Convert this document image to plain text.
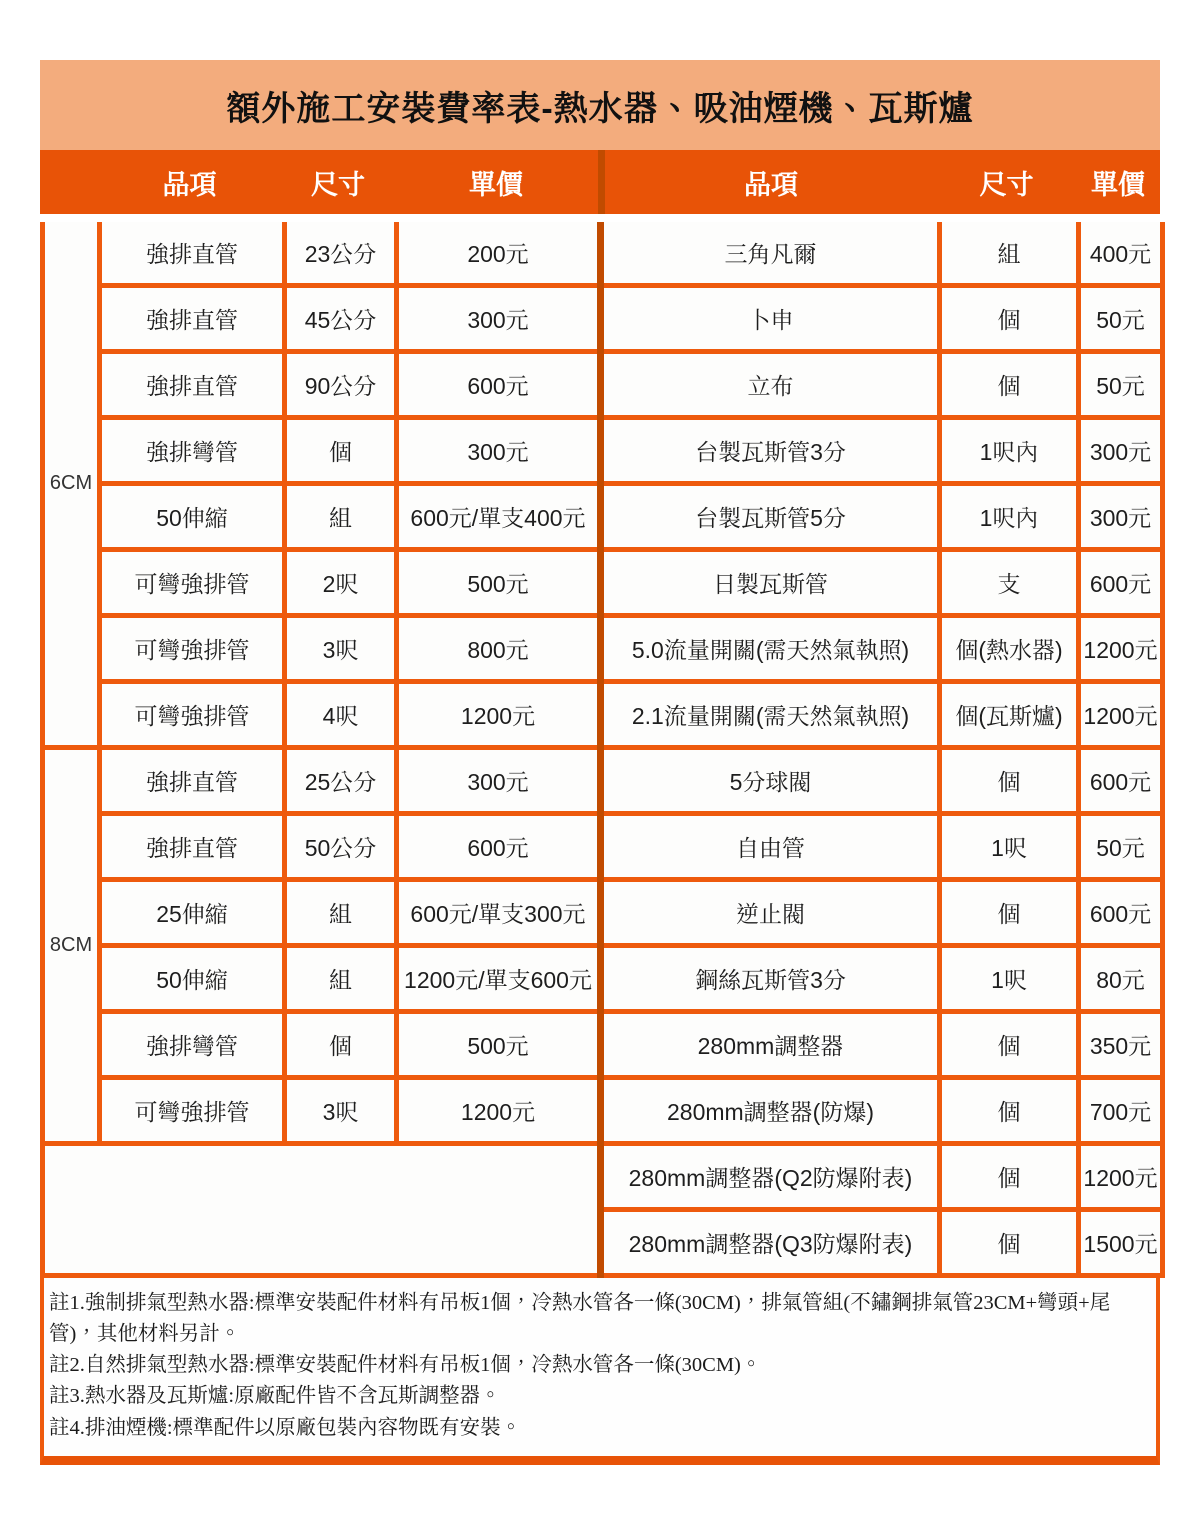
額外施工安裝費率表-熱水器、吸油煙機、瓦斯爐
品項	尺寸	單價	品項	尺寸	單價
6CM	強排直管	23公分	200元	三角凡爾	組	400元
	強排直管	45公分	300元	卜申	個	50元
	強排直管	90公分	600元	立布	個	50元
	強排彎管	個	300元	台製瓦斯管3分	1呎內	300元
	50伸縮	組	600元/單支400元	台製瓦斯管5分	1呎內	300元
	可彎強排管	2呎	500元	日製瓦斯管	支	600元
	可彎強排管	3呎	800元	5.0流量開關(需天然氣執照)	個(熱水器)	1200元
	可彎強排管	4呎	1200元	2.1流量開關(需天然氣執照)	個(瓦斯爐)	1200元
8CM	強排直管	25公分	300元	5分球閥	個	600元
	強排直管	50公分	600元	自由管	1呎	50元
	25伸縮	組	600元/單支300元	逆止閥	個	600元
	50伸縮	組	1200元/單支600元	鋼絲瓦斯管3分	1呎	80元
	強排彎管	個	500元	280mm調整器	個	350元
	可彎強排管	3呎	1200元	280mm調整器(防爆)	個	700元
				280mm調整器(Q2防爆附表)	個	1200元
				280mm調整器(Q3防爆附表)	個	1500元
註1.強制排氣型熱水器:標準安裝配件材料有吊板1個，冷熱水管各一條(30CM)，排氣管組(不鏽鋼排氣管23CM+彎頭+尾管)，其他材料另計。
註2.自然排氣型熱水器:標準安裝配件材料有吊板1個，冷熱水管各一條(30CM)。
註3.熱水器及瓦斯爐:原廠配件皆不含瓦斯調整器。
註4.排油煙機:標準配件以原廠包裝內容物既有安裝。
